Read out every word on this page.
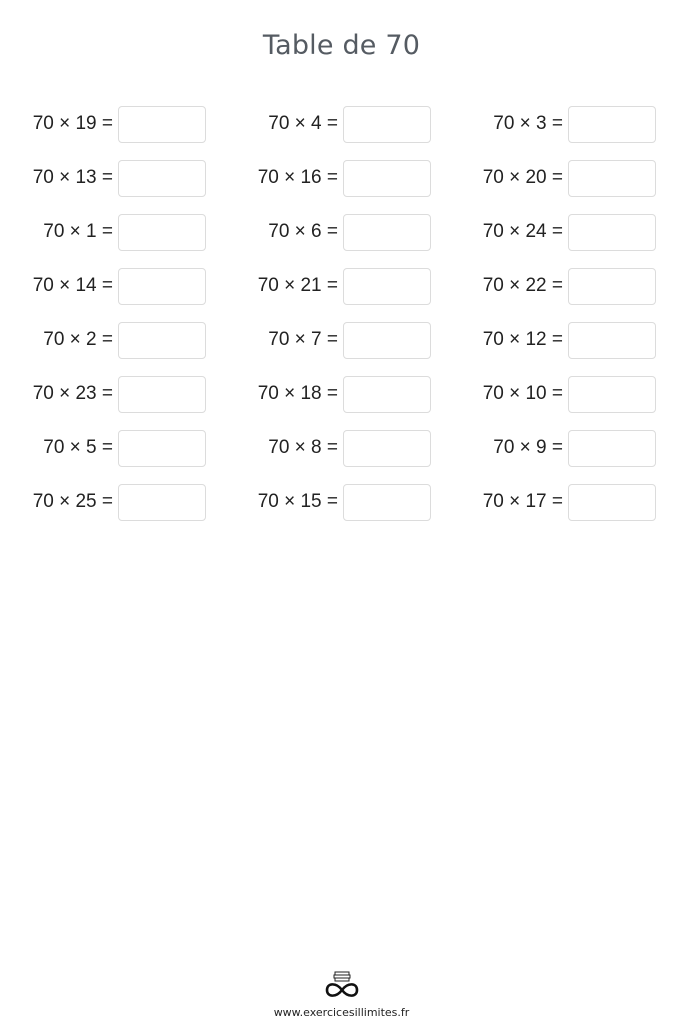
Table de 70
70 × 19 =	70 × 4 =	70 × 3 =
70 × 13 =	70 × 16 =	70 × 20 =
70 × 1 =	70 × 6 =	70 × 24 =
70 × 14 =	70 × 21 =	70 × 22 =
70 × 2 =	70 × 7 =	70 × 12 =
70 × 23 =	70 × 18 =	70 × 10 =
70 × 5 =	70 × 8 =	70 × 9 =
70 × 25 =	70 × 15 =	70 × 17 =
www.exercicesillimites.fr
